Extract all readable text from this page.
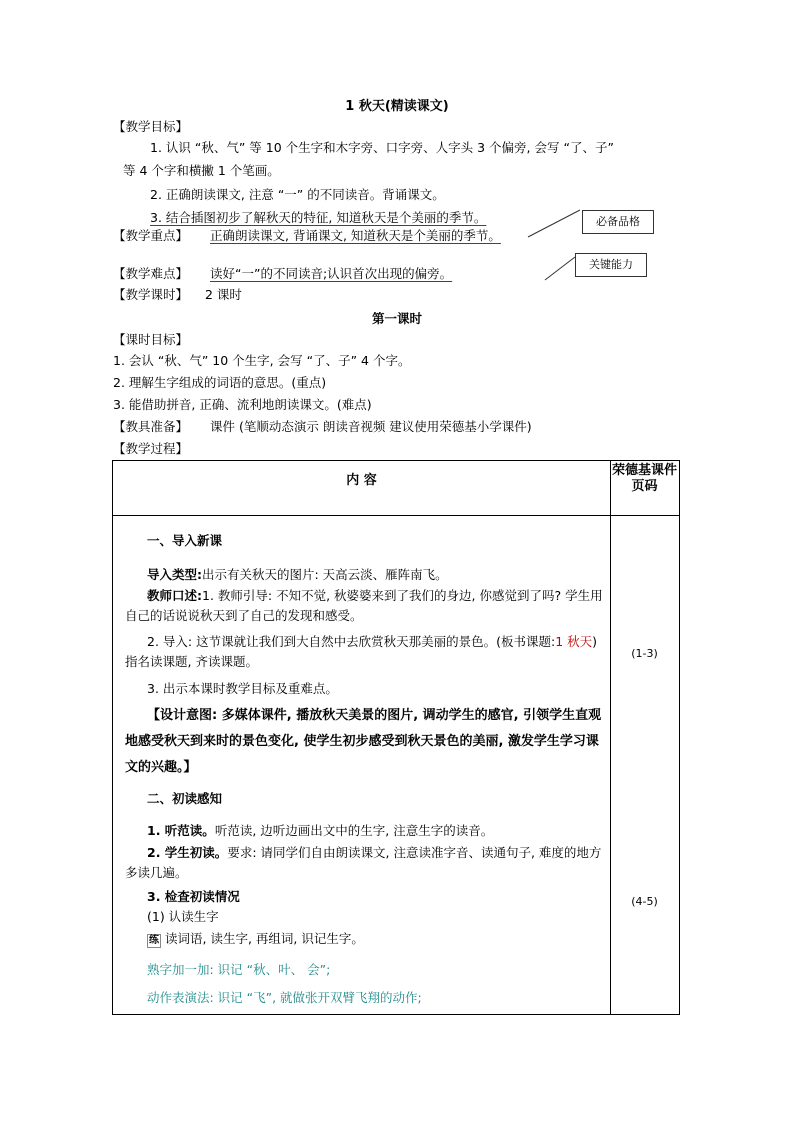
1 秋天(精读课文)
【教学目标】
1. 认识 “秋、气” 等 10 个生字和木字旁、口字旁、人字头 3 个偏旁, 会写 “了、子”
等 4 个字和横撇 1 个笔画。
2. 正确朗读课文, 注意 “一” 的不同读音。背诵课文。
3. 结合插图初步了解秋天的特征, 知道秋天是个美丽的季节。
【教学重点】 正确朗读课文, 背诵课文, 知道秋天是个美丽的季节。
必备品格
关键能力
【教学难点】 读好“一”的不同读音;认识首次出现的偏旁。
【教学课时】 2 课时
第一课时
【课时目标】
1. 会认 “秋、气” 10 个生字, 会写 “了、子” 4 个字。
2. 理解生字组成的词语的意思。(重点)
3. 能借助拼音, 正确、流利地朗读课文。(难点)
【教具准备】 课件 (笔顺动态演示 朗读音视频 建议使用荣德基小学课件)
【教学过程】
内 容
荣德基课件页码
一、导入新课
导入类型:出示有关秋天的图片: 天高云淡、雁阵南飞。
教师口述:1. 教师引导: 不知不觉, 秋婆婆来到了我们的身边, 你感觉到了吗? 学生用自己的话说说秋天到了自己的发现和感受。
2. 导入: 这节课就让我们到大自然中去欣赏秋天那美丽的景色。(板书课题:1 秋天) 指名读课题, 齐读课题。
3. 出示本课时教学目标及重难点。
【设计意图: 多媒体课件, 播放秋天美景的图片, 调动学生的感官, 引领学生直观地感受秋天到来时的景色变化, 使学生初步感受到秋天景色的美丽, 激发学生学习课文的兴趣。】
二、初读感知
1. 听范读。听范读, 边听边画出文中的生字, 注意生字的读音。
2. 学生初读。要求: 请同学们自由朗读课文, 注意读准字音、读通句子, 难度的地方多读几遍。
3. 检查初读情况
(1) 认读生字
练 读词语, 读生字, 再组词, 识记生字。
熟字加一加: 识记 “秋、叶、 会”;
动作表演法: 识记 “飞”, 就做张开双臂飞翔的动作;
(1-3)
(4-5)
